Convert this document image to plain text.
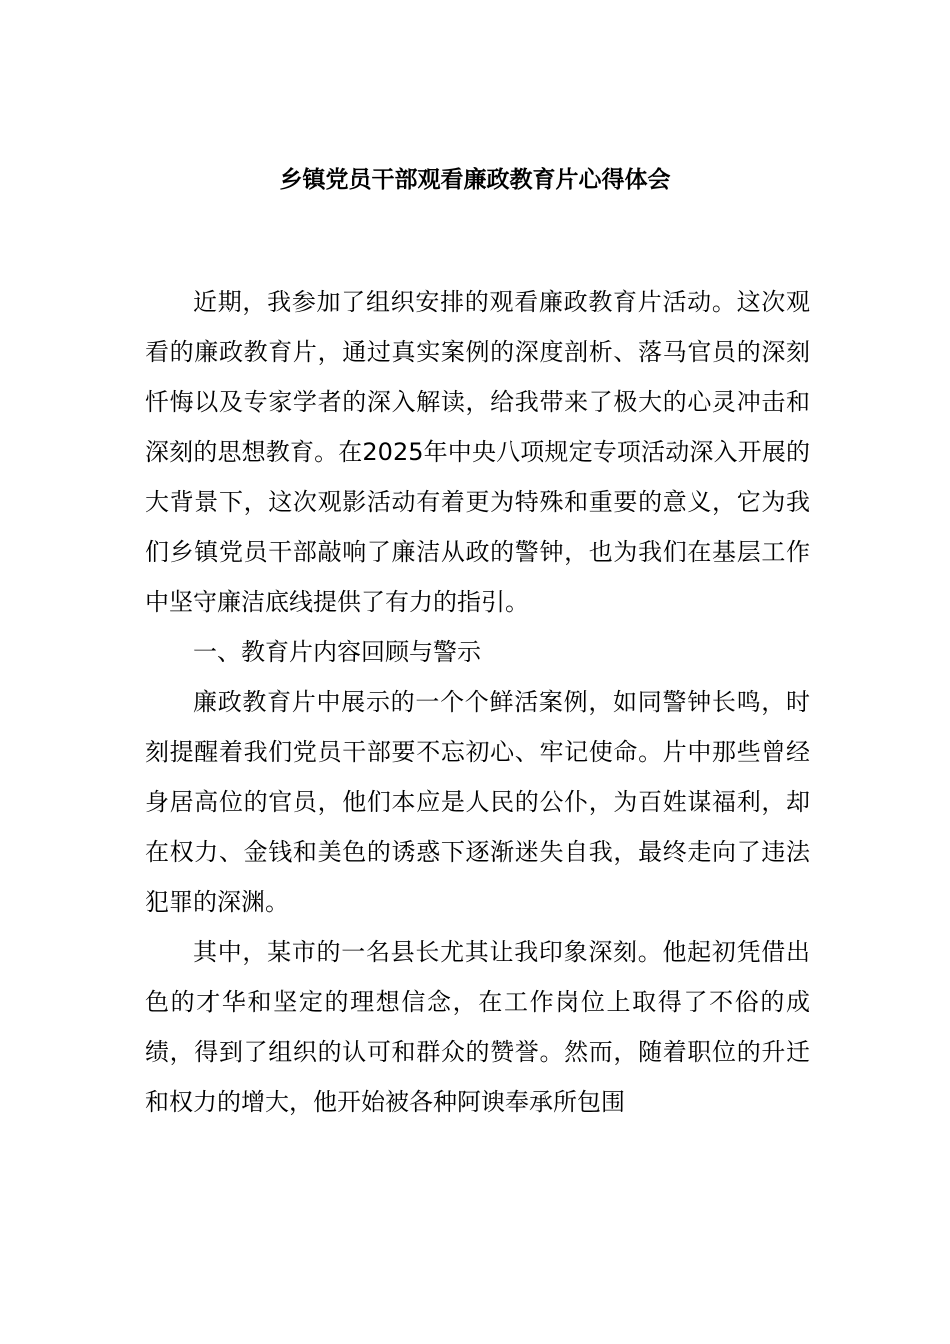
乡镇党员干部观看廉政教育片心得体会

近期，我参加了组织安排的观看廉政教育片活动。这次观看的廉政教育片，通过真实案例的深度剖析、落马官员的深刻忏悔以及专家学者的深入解读，给我带来了极大的心灵冲击和深刻的思想教育。在2025年中央八项规定专项活动深入开展的大背景下，这次观影活动有着更为特殊和重要的意义，它为我们乡镇党员干部敲响了廉洁从政的警钟，也为我们在基层工作中坚守廉洁底线提供了有力的指引。

一、教育片内容回顾与警示

廉政教育片中展示的一个个鲜活案例，如同警钟长鸣，时刻提醒着我们党员干部要不忘初心、牢记使命。片中那些曾经身居高位的官员，他们本应是人民的公仆，为百姓谋福利，却在权力、金钱和美色的诱惑下逐渐迷失自我，最终走向了违法犯罪的深渊。

其中，某市的一名县长尤其让我印象深刻。他起初凭借出色的才华和坚定的理想信念，在工作岗位上取得了不俗的成绩，得到了组织的认可和群众的赞誉。然而，随着职位的升迁和权力的增大，他开始被各种阿谀奉承所包围
